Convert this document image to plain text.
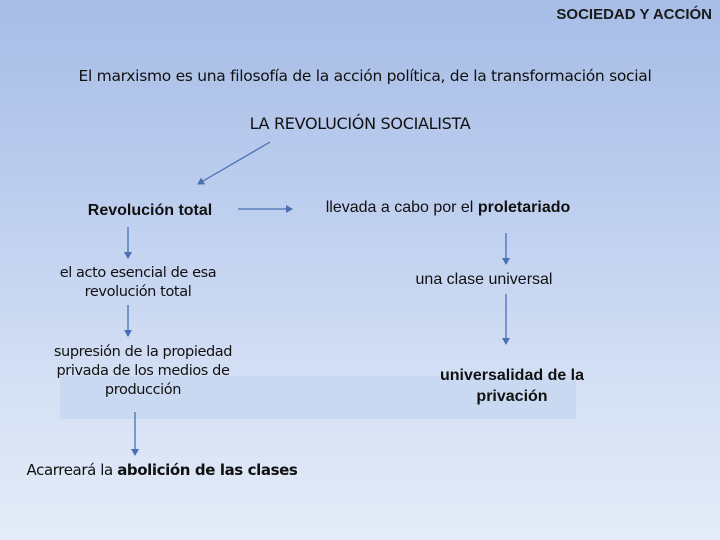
SOCIEDAD Y ACCIÓN
El marxismo es una filosofía de la acción política, de la transformación social
LA REVOLUCIÓN SOCIALISTA
Revolución total
el acto esencial de esa
revolución total
supresión de la propiedad
privada de los medios de
producción
Acarreará la abolición de las clases
llevada a cabo por el proletariado
una clase universal
universalidad de la
privación
